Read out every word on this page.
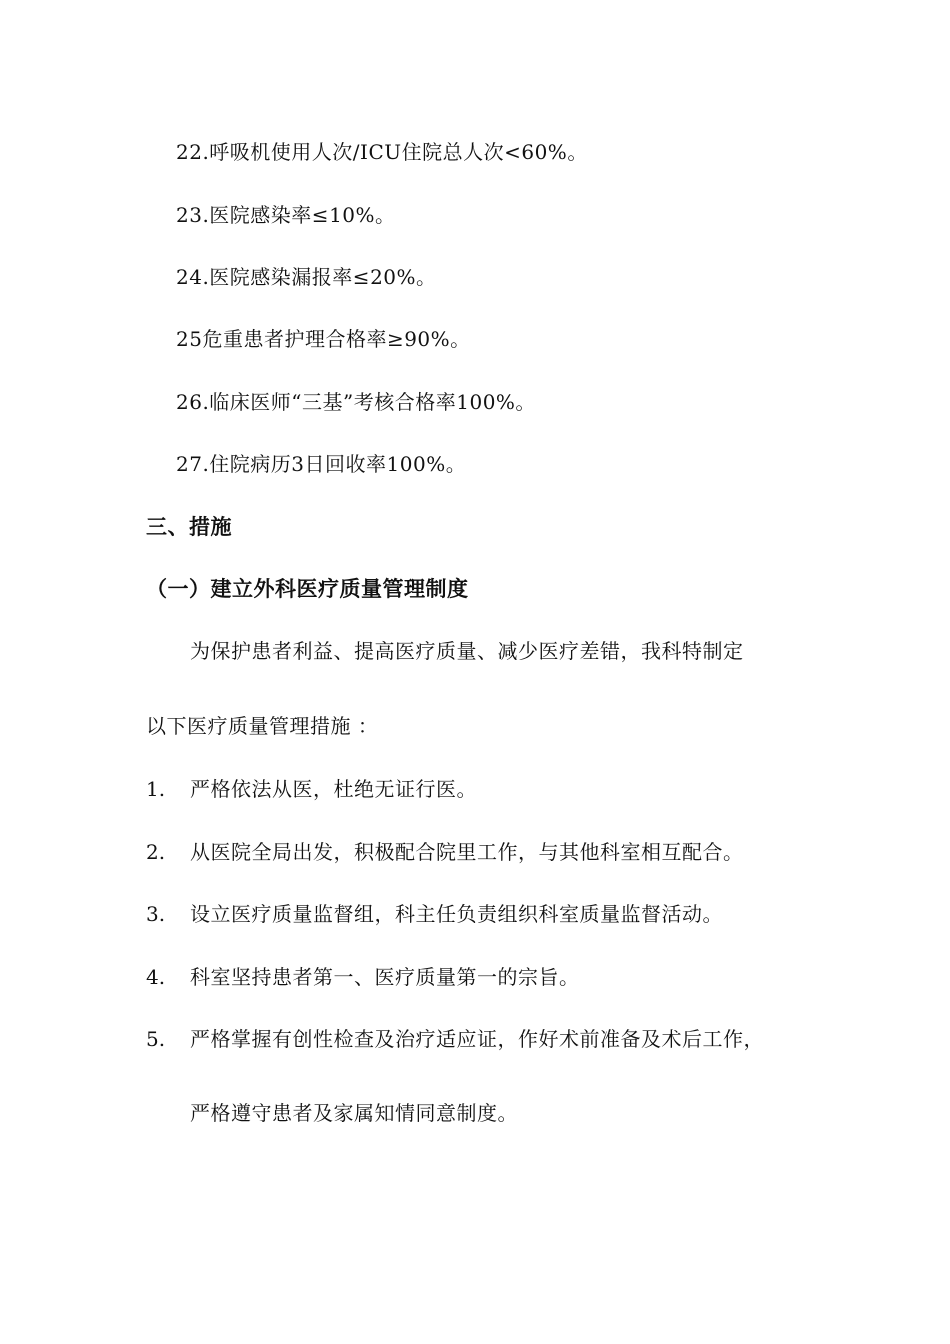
22.呼吸机使用人次/ICU住院总人次<60%。
23.医院感染率≤10%。
24.医院感染漏报率≤20%。
25危重患者护理合格率≥90%。
26.临床医师“三基”考核合格率100%。
27.住院病历3日回收率100%。
三、措施
（一）建立外科医疗质量管理制度
为保护患者利益、提高医疗质量、减少医疗差错，我科特制定
以下医疗质量管理措施 ：
1. 严格依法从医，杜绝无证行医。
2. 从医院全局出发，积极配合院里工作，与其他科室相互配合。
3. 设立医疗质量监督组，科主任负责组织科室质量监督活动。
4. 科室坚持患者第一、医疗质量第一的宗旨。
5. 严格掌握有创性检查及治疗适应证，作好术前准备及术后工作，
严格遵守患者及家属知情同意制度。
